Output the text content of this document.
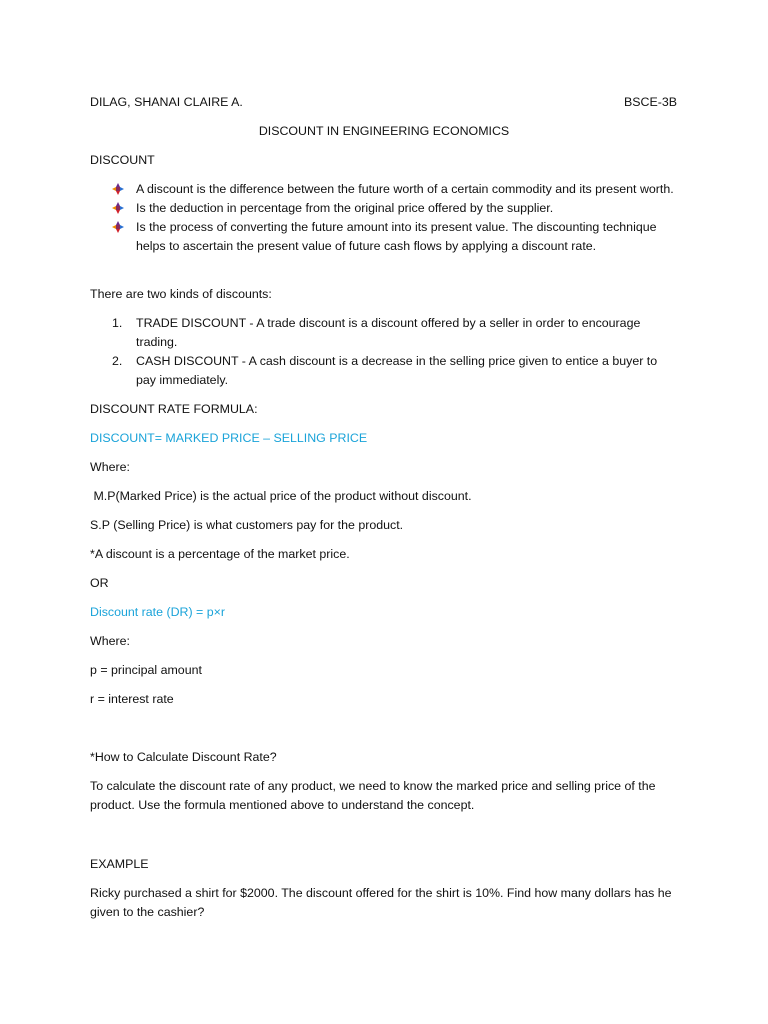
DILAG, SHANAI CLAIRE A.	BSCE-3B
DISCOUNT IN ENGINEERING ECONOMICS
DISCOUNT
A discount is the difference between the future worth of a certain commodity and its present worth.
Is the deduction in percentage from the original price offered by the supplier.
Is the process of converting the future amount into its present value. The discounting technique helps to ascertain the present value of future cash flows by applying a discount rate.
There are two kinds of discounts:
1. TRADE DISCOUNT - A trade discount is a discount offered by a seller in order to encourage trading.
2. CASH DISCOUNT - A cash discount is a decrease in the selling price given to entice a buyer to pay immediately.
DISCOUNT RATE FORMULA:
DISCOUNT= MARKED PRICE – SELLING PRICE
Where:
M.P(Marked Price) is the actual price of the product without discount.
S.P (Selling Price) is what customers pay for the product.
*A discount is a percentage of the market price.
OR
Discount rate (DR) = p×r
Where:
p = principal amount
r = interest rate
*How to Calculate Discount Rate?
To calculate the discount rate of any product, we need to know the marked price and selling price of the product. Use the formula mentioned above to understand the concept.
EXAMPLE
Ricky purchased a shirt for $2000. The discount offered for the shirt is 10%. Find how many dollars has he given to the cashier?
